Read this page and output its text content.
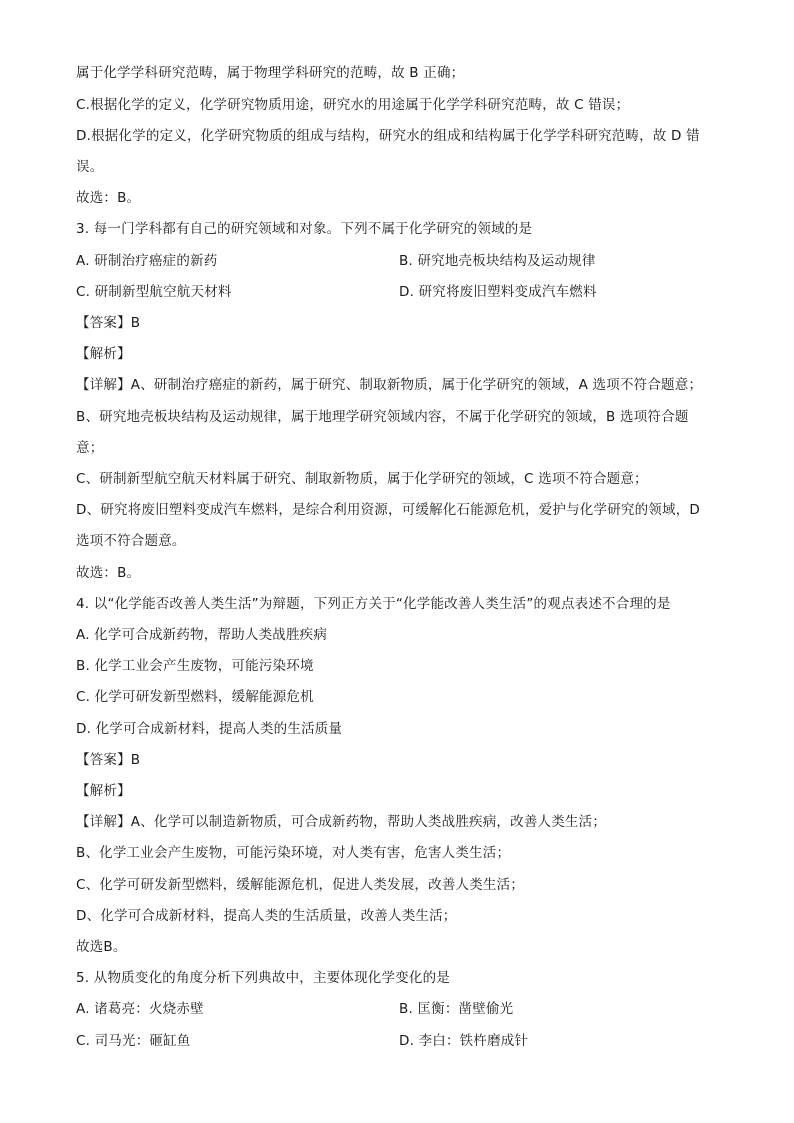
属于化学学科研究范畴，属于物理学科研究的范畴，故 B 正确；
C.根据化学的定义，化学研究物质用途，研究水的用途属于化学学科研究范畴，故 C 错误；
D.根据化学的定义，化学研究物质的组成与结构，研究水的组成和结构属于化学学科研究范畴，故 D 错
误。
故选：B。
3. 每一门学科都有自己的研究领域和对象。下列不属于化学研究的领域的是
A. 研制治疗癌症的新药	B. 研究地壳板块结构及运动规律
C. 研制新型航空航天材料	D. 研究将废旧塑料变成汽车燃料
【答案】B
【解析】
【详解】A、研制治疗癌症的新药，属于研究、制取新物质，属于化学研究的领域，A 选项不符合题意；
B、研究地壳板块结构及运动规律，属于地理学研究领域内容，不属于化学研究的领域，B 选项符合题
意；
C、研制新型航空航天材料属于研究、制取新物质，属于化学研究的领域，C 选项不符合题意；
D、研究将废旧塑料变成汽车燃料，是综合利用资源，可缓解化石能源危机，爱护与化学研究的领域，D
选项不符合题意。
故选：B。
4. 以“化学能否改善人类生活”为辩题，下列正方关于“化学能改善人类生活”的观点表述不合理的是
A. 化学可合成新药物，帮助人类战胜疾病
B. 化学工业会产生废物，可能污染环境
C. 化学可研发新型燃料，缓解能源危机
D. 化学可合成新材料，提高人类的生活质量
【答案】B
【解析】
【详解】A、化学可以制造新物质，可合成新药物，帮助人类战胜疾病，改善人类生活；
B、化学工业会产生废物，可能污染环境，对人类有害，危害人类生活；
C、化学可研发新型燃料，缓解能源危机，促进人类发展，改善人类生活；
D、化学可合成新材料，提高人类的生活质量，改善人类生活；
故选B。
5. 从物质变化的角度分析下列典故中，主要体现化学变化的是
A. 诸葛亮：火烧赤壁	B. 匡衡：凿壁偷光
C. 司马光：砸缸鱼	D. 李白：铁杵磨成针
